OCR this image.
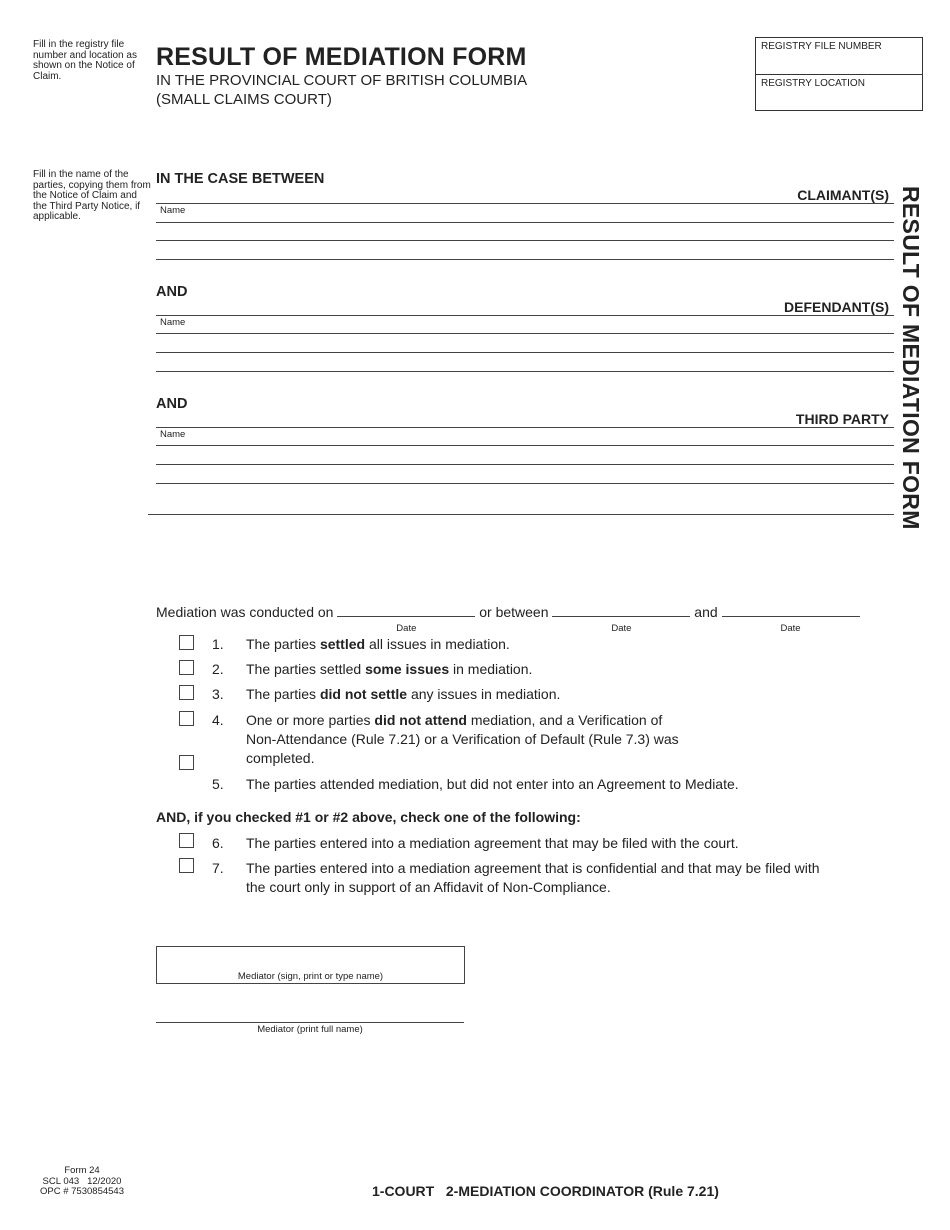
Fill in the registry file number and location as shown on the Notice of Claim.
RESULT OF MEDIATION FORM
IN THE PROVINCIAL COURT OF BRITISH COLUMBIA
(SMALL CLAIMS COURT)
REGISTRY FILE NUMBER
REGISTRY LOCATION
Fill in the name of the parties, copying them from the Notice of Claim and the Third Party Notice, if applicable.
IN THE CASE BETWEEN
CLAIMANT(S)
Name
AND
DEFENDANT(S)
Name
AND
THIRD PARTY
Name	RESULT OF MEDIATION FORM
Mediation was conducted on
Date
or between
Date
and
Date
1. The parties settled all issues in mediation.
2. The parties settled some issues in mediation.
3. The parties did not settle any issues in mediation.
4. One or more parties did not attend mediation, and a Verification of Non-Attendance (Rule 7.21) or a Verification of Default (Rule 7.3) was completed.
5. The parties attended mediation, but did not enter into an Agreement to Mediate.
AND, if you checked #1 or #2 above, check one of the following:
6. The parties entered into a mediation agreement that may be filed with the court.
7. The parties entered into a mediation agreement that is confidential and that may be filed with the court only in support of an Affidavit of Non-Compliance.
Mediator (sign, print or type name)
Mediator (print full name)
Form 24
SCL 043   12/2020
OPC # 7530854543	1-COURT   2-MEDIATION COORDINATOR (Rule 7.21)
